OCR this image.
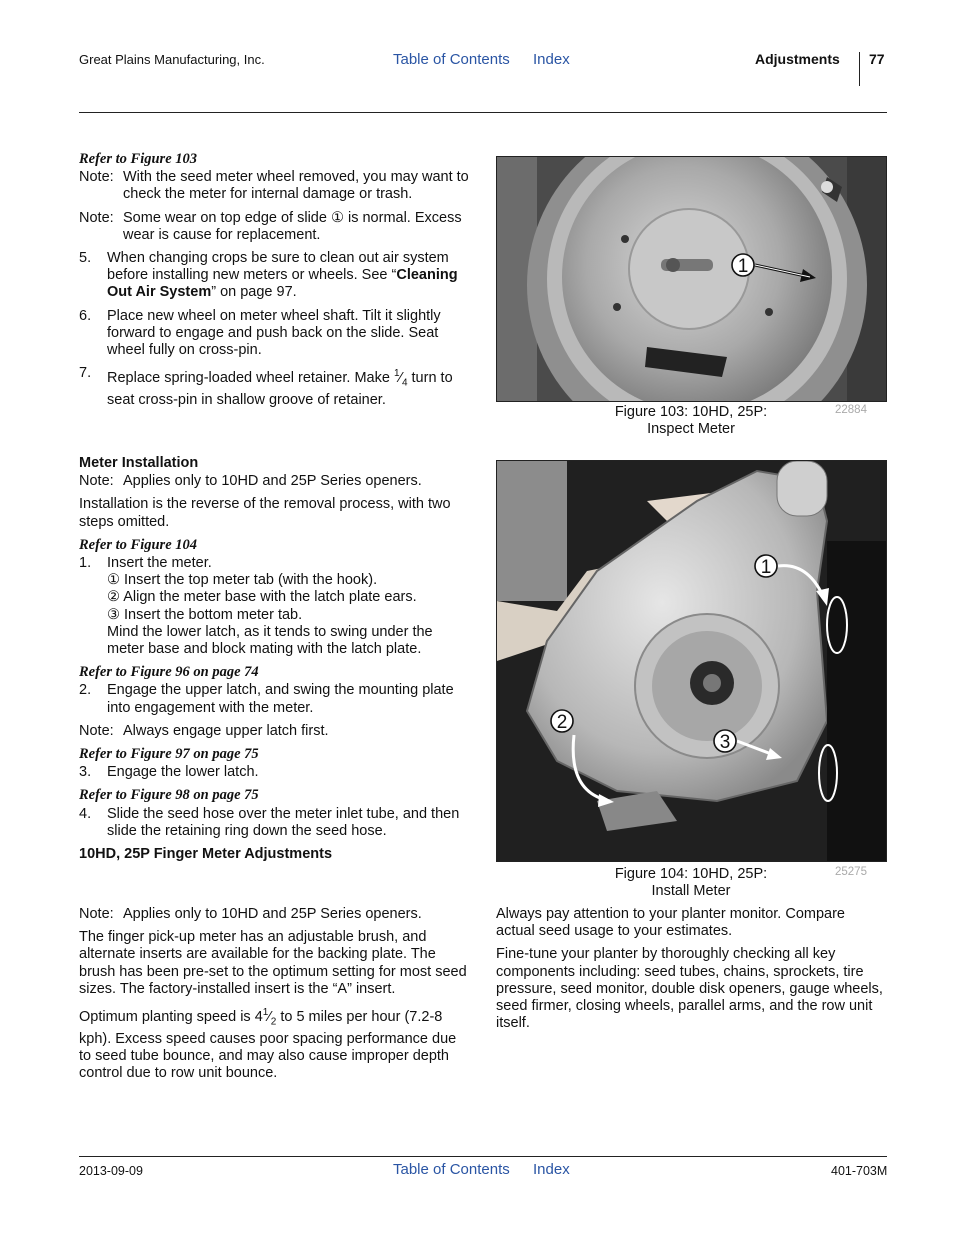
Great Plains Manufacturing, Inc.	Table of Contents Index	Adjustments 77
Refer to Figure 103
Note: With the seed meter wheel removed, you may want to check the meter for internal damage or trash.
Note: Some wear on top edge of slide ① is normal. Excess wear is cause for replacement.
5.	When changing crops be sure to clean out air system before installing new meters or wheels. See “Cleaning Out Air System” on page 97.
6.	Place new wheel on meter wheel shaft. Tilt it slightly forward to engage and push back on the slide. Seat wheel fully on cross-pin.
7.	Replace spring-loaded wheel retainer. Make $^1⁄_4$ turn to seat cross-pin in shallow groove of retainer.
Meter Installation
Note: Applies only to 10HD and 25P Series openers.
Installation is the reverse of the removal process, with two steps omitted.
Refer to Figure 104
1.	Insert the meter.
① Insert the top meter tab (with the hook).
② Align the meter base with the latch plate ears.
③ Insert the bottom meter tab.
Mind the lower latch, as it tends to swing under the meter base and block mating with the latch plate.
Refer to Figure 96 on page 74
2.	Engage the upper latch, and swing the mounting plate into engagement with the meter.
Note: Always engage upper latch first.
Refer to Figure 97 on page 75
3.	Engage the lower latch.
Refer to Figure 98 on page 75
4.	Slide the seed hose over the meter inlet tube, and then slide the retaining ring down the seed hose.
10HD, 25P Finger Meter Adjustments
Note: Applies only to 10HD and 25P Series openers.
The finger pick-up meter has an adjustable brush, and alternate inserts are available for the backing plate. The brush has been pre-set to the optimum setting for most seed sizes. The factory-installed insert is the “A” insert.
Optimum planting speed is $4^1⁄_2$ to 5 miles per hour (7.2-8 kph). Excess speed causes poor spacing performance due to seed tube bounce, and may also cause improper depth control due to row unit bounce.
1
Figure 103: 10HD, 25P:
Inspect Meter
22884
1
2
3
Figure 104: 10HD, 25P:
Install Meter
25275
Always pay attention to your planter monitor. Compare actual seed usage to your estimates.
Fine-tune your planter by thoroughly checking all key components including: seed tubes, chains, sprockets, tire pressure, seed monitor, double disk openers, gauge wheels, seed firmer, closing wheels, parallel arms, and the row unit itself.
2013-09-09	Table of Contents Index	401-703M
